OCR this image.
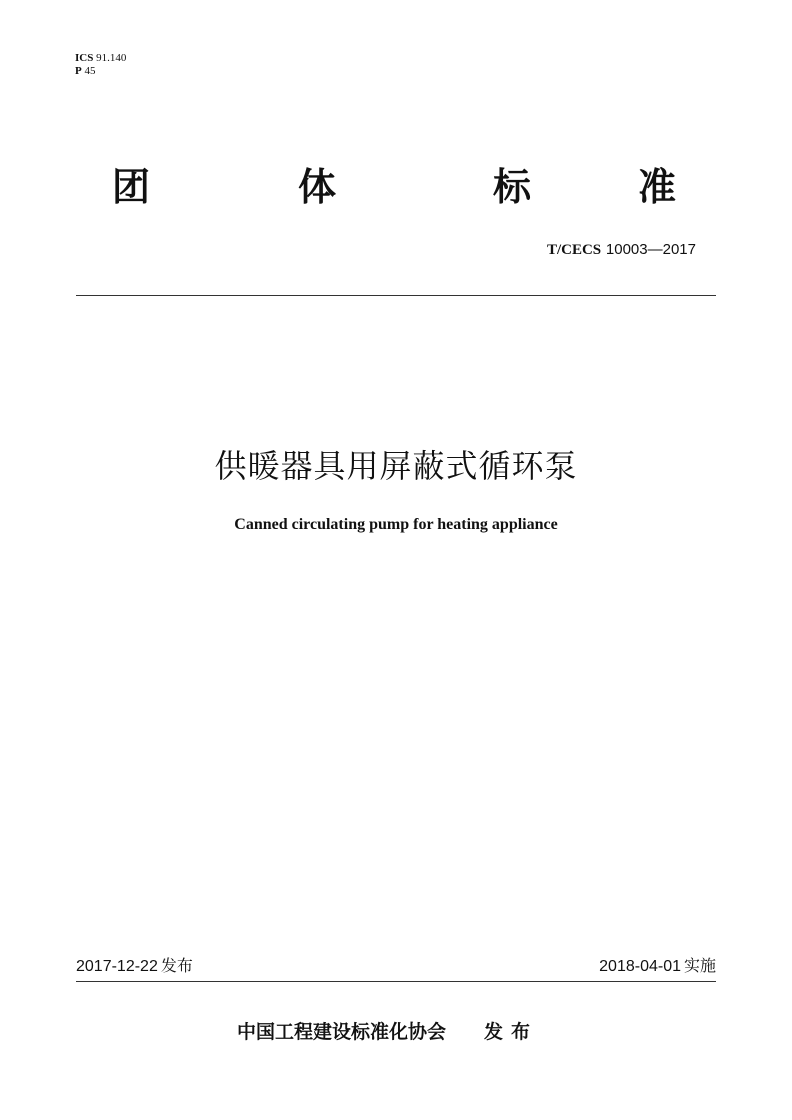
ICS 91.140
P 45
团	体	标	准
T/CECS 10003—2017
供暖器具用屏蔽式循环泵
Canned circulating pump for heating appliance
2017-12-22 发布	2018-04-01 实施
中国工程建设标准化协会 发布
